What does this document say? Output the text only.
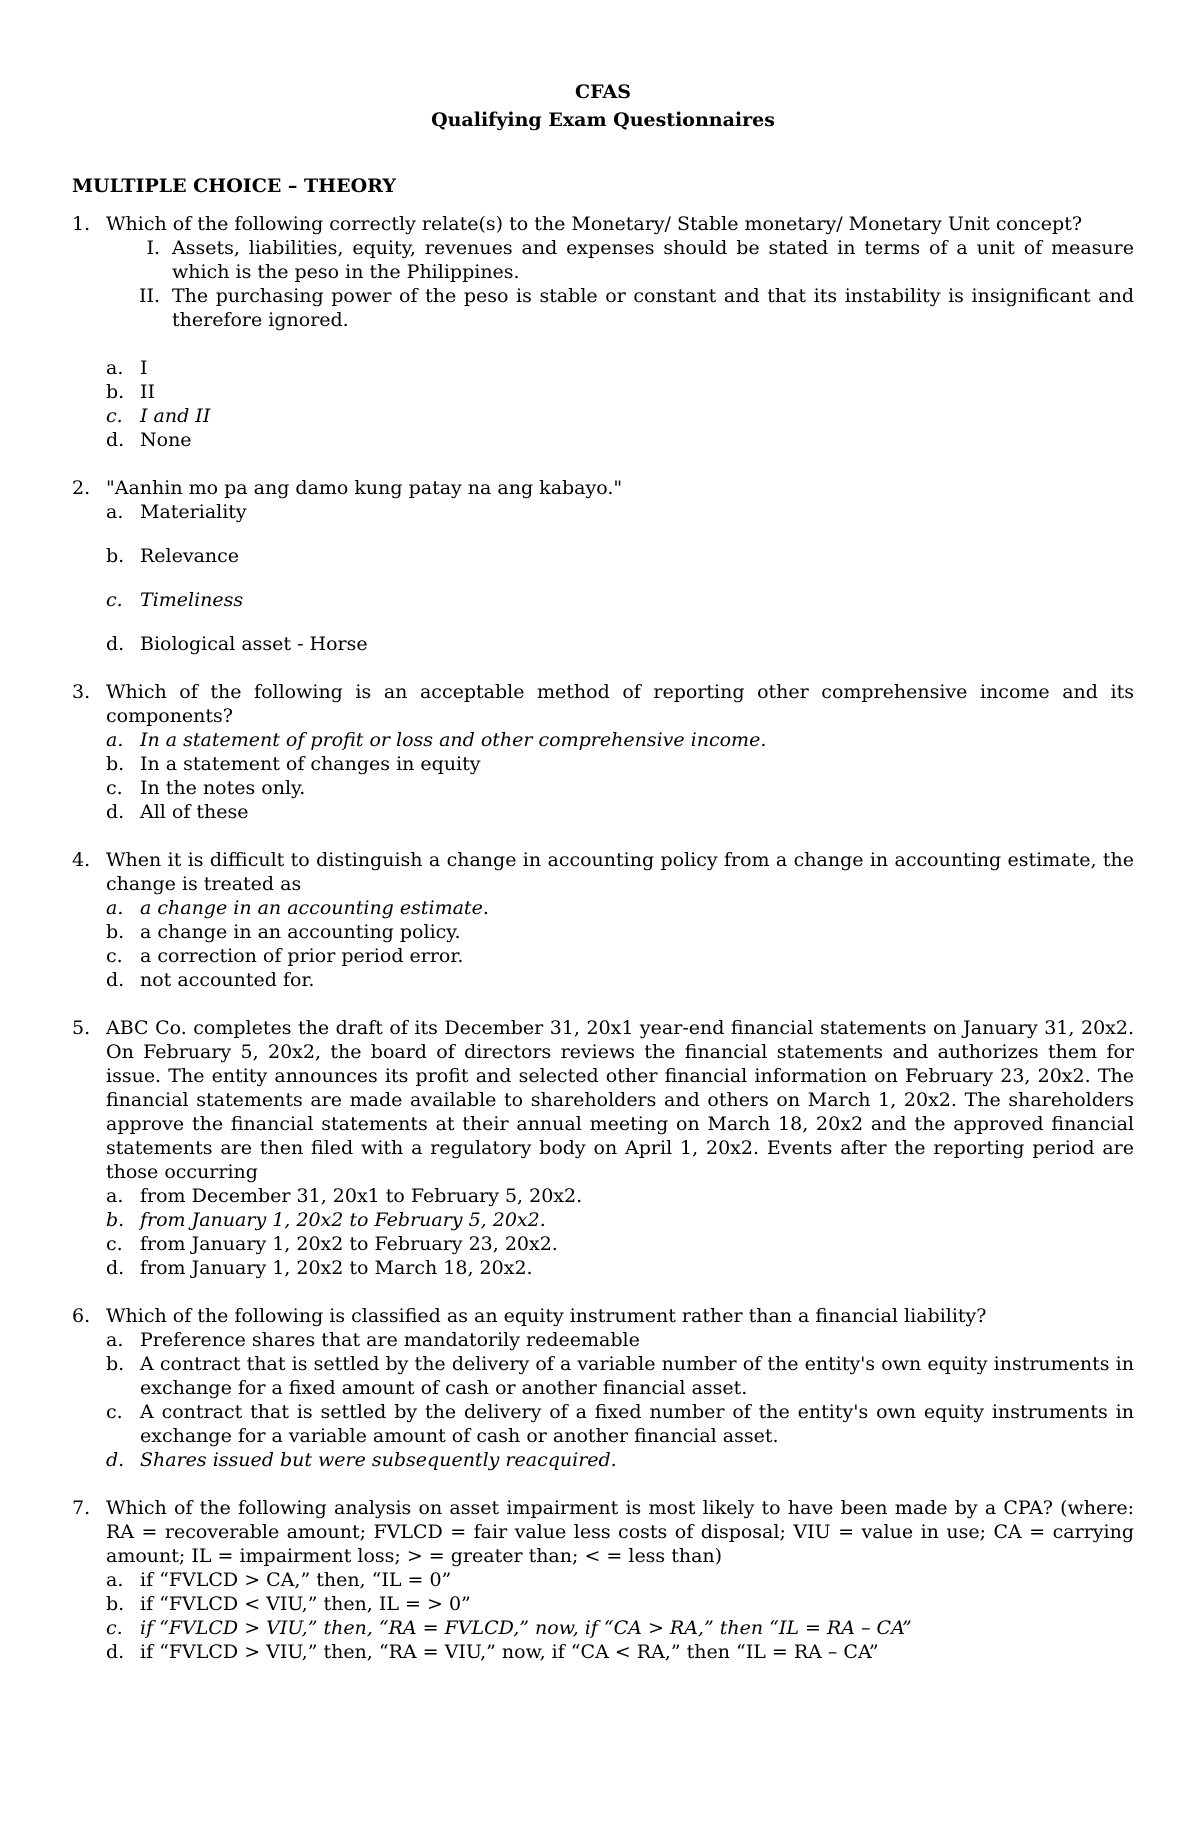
CFAS
Qualifying Exam Questionnaires
MULTIPLE CHOICE – THEORY
1. Which of the following correctly relate(s) to the Monetary/ Stable monetary/ Monetary Unit concept?
I. Assets, liabilities, equity, revenues and expenses should be stated in terms of a unit of measure which is the peso in the Philippines.
II. The purchasing power of the peso is stable or constant and that its instability is insignificant and therefore ignored.
a. I
b. II
c. I and II
d. None
2. "Aanhin mo pa ang damo kung patay na ang kabayo."
a. Materiality
b. Relevance
c. Timeliness
d. Biological asset - Horse
3. Which of the following is an acceptable method of reporting other comprehensive income and its components?
a. In a statement of profit or loss and other comprehensive income.
b. In a statement of changes in equity
c. In the notes only.
d. All of these
4. When it is difficult to distinguish a change in accounting policy from a change in accounting estimate, the change is treated as
a. a change in an accounting estimate.
b. a change in an accounting policy.
c. a correction of prior period error.
d. not accounted for.
5. ABC Co. completes the draft of its December 31, 20x1 year-end financial statements on January 31, 20x2. On February 5, 20x2, the board of directors reviews the financial statements and authorizes them for issue. The entity announces its profit and selected other financial information on February 23, 20x2. The financial statements are made available to shareholders and others on March 1, 20x2. The shareholders approve the financial statements at their annual meeting on March 18, 20x2 and the approved financial statements are then filed with a regulatory body on April 1, 20x2. Events after the reporting period are those occurring
a. from December 31, 20x1 to February 5, 20x2.
b. from January 1, 20x2 to February 5, 20x2.
c. from January 1, 20x2 to February 23, 20x2.
d. from January 1, 20x2 to March 18, 20x2.
6. Which of the following is classified as an equity instrument rather than a financial liability?
a. Preference shares that are mandatorily redeemable
b. A contract that is settled by the delivery of a variable number of the entity's own equity instruments in exchange for a fixed amount of cash or another financial asset.
c. A contract that is settled by the delivery of a fixed number of the entity's own equity instruments in exchange for a variable amount of cash or another financial asset.
d. Shares issued but were subsequently reacquired.
7. Which of the following analysis on asset impairment is most likely to have been made by a CPA? (where: RA = recoverable amount; FVLCD = fair value less costs of disposal; VIU = value in use; CA = carrying amount; IL = impairment loss; > = greater than; < = less than)
a. if “FVLCD > CA,” then, “IL = 0”
b. if “FVLCD < VIU,” then, IL = > 0”
c. if “FVLCD > VIU,” then, “RA = FVLCD,” now, if “CA > RA,” then “IL = RA – CA”
d. if “FVLCD > VIU,” then, “RA = VIU,” now, if “CA < RA,” then “IL = RA – CA”
